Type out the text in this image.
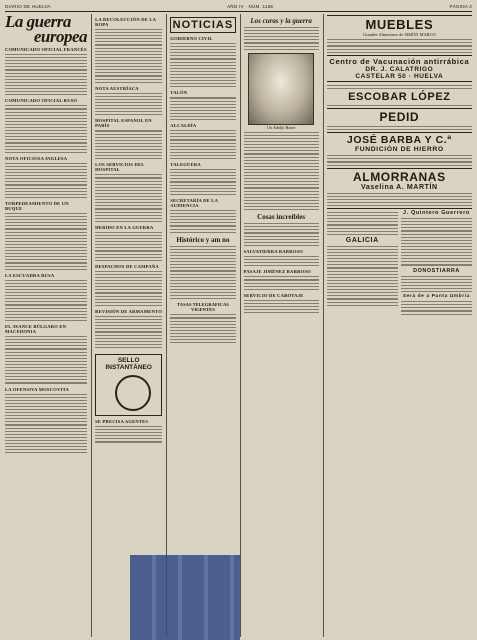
DIARIO DE HUELVA	AÑO IV · NÚM. 1165	PÁGINA 2
La guerra
europea
COMUNICADO OFICIAL FRANCÉS
COMUNICADO OFICIAL RUSO
NOTA OFICIOSA INGLESA
TORPEDEAMIENTO DE UN BUQUE
LA ESCUADRA RUSA
EL AVANCE BÚLGARO EN MACEDONIA
LA OFENSIVA MOSCOVITA
LA RECOLECCIÓN DE LA ROPA
NOTA AUSTRÍACA
HOSPITAL ESPAÑOL EN PARÍS
LOS SERVICIOS DEL HOSPITAL
HERIDO EN LA GUERRA
DESPACHOS DE CAMPAÑA
REVISIÓN DE ARMAMENTO
SELLO INSTANTÁNEO
SE PRECISA AGENTES
NOTICIAS
GOBIERNO CIVIL
TALÓN
ALCALDÍA
TALEGUERA
SECRETARÍA DE LA AUDIENCIA
Histórico y am no
TASAS TELEGRÁFICAS VIGENTES
Los curas y la guerra
Un Adolfo Bonet
Cosas increíbles
SALVATIERRA BARROSO
PASAJE JIMÉNEZ BARROSO
SERVICIO DE CABOTAJE
MUEBLES
Grandes Almacenes de SIMÓN MARCO
Centro de Vacunación antirrábica
DR. J. CALATRIGO
CASTELAR 50 · HUELVA
ESCOBAR LÓPEZ
PEDID
JOSÉ BARBA Y C.ª
FUNDICIÓN DE HIERRO
ALMORRANAS
Vaselina A. MARTÍN
GALICIA
J. Quintero Guerrero
DONOSTIARRA
Será de a Punta Umbría
